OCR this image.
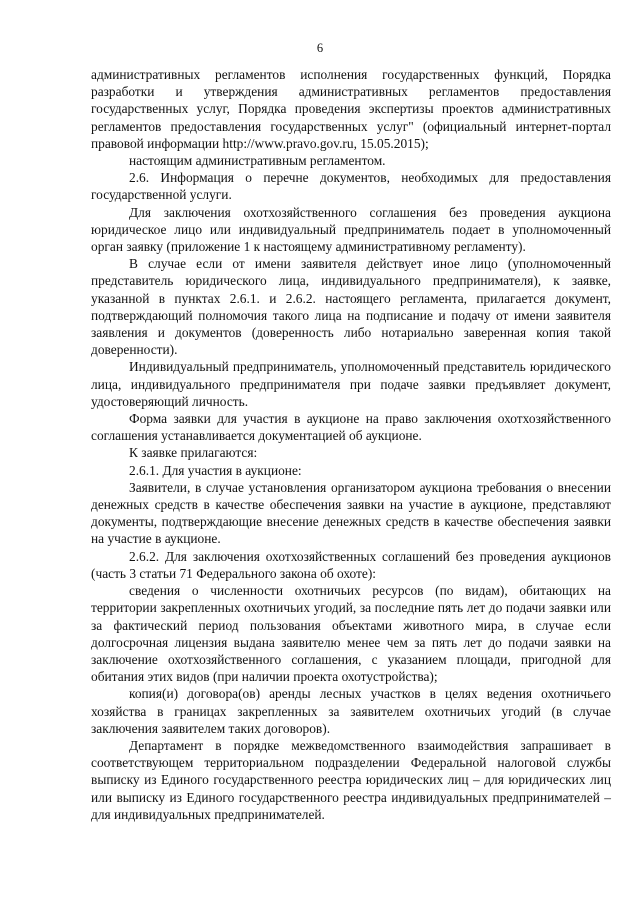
6

административных регламентов исполнения государственных функций, Порядка разработки и утверждения административных регламентов предоставления государственных услуг, Порядка проведения экспертизы проектов административных регламентов предоставления государственных услуг" (официальный интернет-портал правовой информации http://www.pravo.gov.ru, 15.05.2015);

настоящим административным регламентом.

2.6. Информация о перечне документов, необходимых для предоставления государственной услуги.

Для заключения охотхозяйственного соглашения без проведения аукциона юридическое лицо или индивидуальный предприниматель подает в уполномоченный орган заявку (приложение 1 к настоящему административному регламенту).

В случае если от имени заявителя действует иное лицо (уполномоченный представитель юридического лица, индивидуального предпринимателя), к заявке, указанной в пунктах 2.6.1. и 2.6.2. настоящего регламента, прилагается документ, подтверждающий полномочия такого лица на подписание и подачу от имени заявителя заявления и документов (доверенность либо нотариально заверенная копия такой доверенности).

Индивидуальный предприниматель, уполномоченный представитель юридического лица, индивидуального предпринимателя при подаче заявки предъявляет документ, удостоверяющий личность.

Форма заявки для участия в аукционе на право заключения охотхозяйственного соглашения устанавливается документацией об аукционе.

К заявке прилагаются:

2.6.1. Для участия в аукционе:

Заявители, в случае установления организатором аукциона требования о внесении денежных средств в качестве обеспечения заявки на участие в аукционе, представляют документы, подтверждающие внесение денежных средств в качестве обеспечения заявки на участие в аукционе.

2.6.2. Для заключения охотхозяйственных соглашений без проведения аукционов (часть 3 статьи 71 Федерального закона об охоте):

сведения о численности охотничьих ресурсов (по видам), обитающих на территории закрепленных охотничьих угодий, за последние пять лет до подачи заявки или за фактический период пользования объектами животного мира, в случае если долгосрочная лицензия выдана заявителю менее чем за пять лет до подачи заявки на заключение охотхозяйственного соглашения, с указанием площади, пригодной для обитания этих видов (при наличии проекта охотустройства);

копия(и) договора(ов) аренды лесных участков в целях ведения охотничьего хозяйства в границах закрепленных за заявителем охотничьих угодий (в случае заключения заявителем таких договоров).

Департамент в порядке межведомственного взаимодействия запрашивает в соответствующем территориальном подразделении Федеральной налоговой службы выписку из Единого государственного реестра юридических лиц – для юридических лиц или выписку из Единого государственного реестра индивидуальных предпринимателей – для индивидуальных предпринимателей.
